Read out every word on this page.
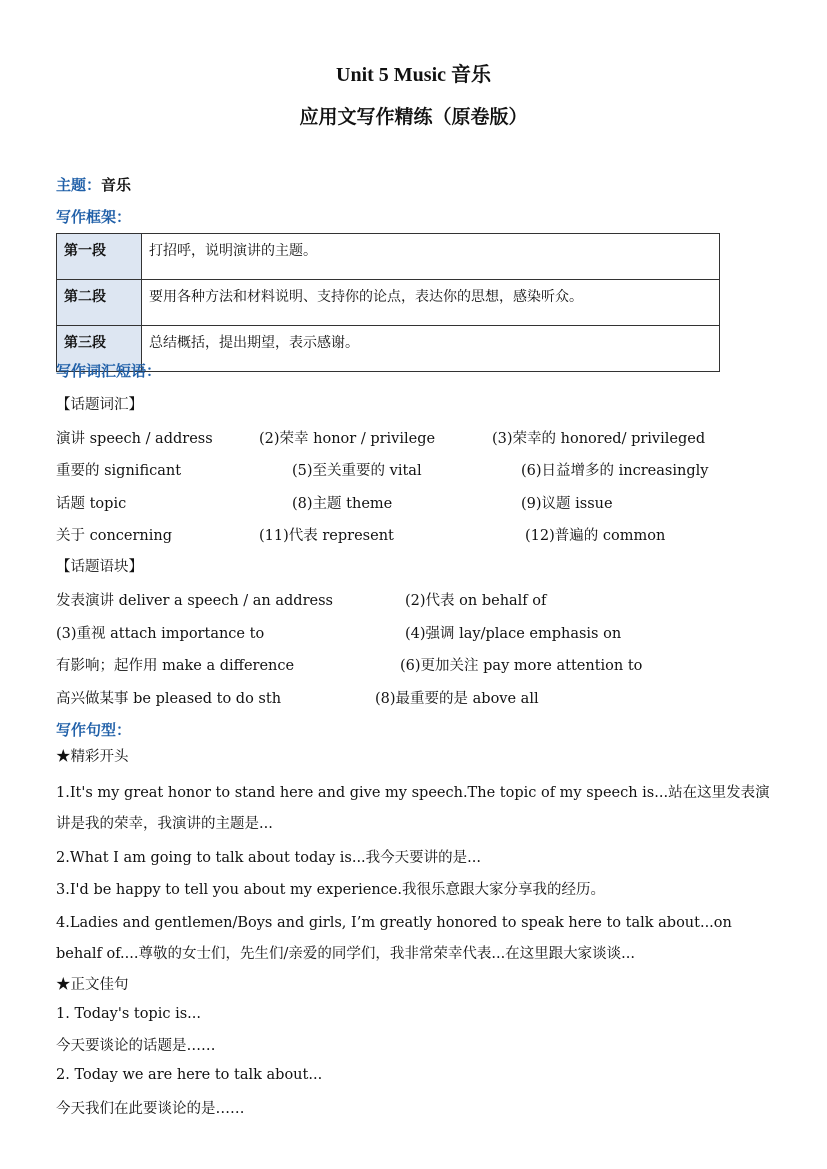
Unit 5 Music 音乐
应用文写作精练（原卷版）
主题：音乐
写作框架：
第一段	打招呼，说明演讲的主题。
第二段	要用各种方法和材料说明、支持你的论点，表达你的思想，感染听众。
第三段	总结概括，提出期望，表示感谢。
写作词汇短语：
【话题词汇】
演讲 speech / address	(2)荣幸 honor / privilege	(3)荣幸的 honored/ privileged
重要的 significant	(5)至关重要的 vital	(6)日益增多的 increasingly
话题 topic	(8)主题 theme	(9)议题 issue
关于 concerning	(11)代表 represent	(12)普遍的 common
【话题语块】
发表演讲 deliver a speech / an address	(2)代表 on behalf of
(3)重视 attach importance to	(4)强调 lay/place emphasis on
有影响；起作用 make a difference	(6)更加关注 pay more attention to
高兴做某事 be pleased to do sth	(8)最重要的是 above all
写作句型：
★精彩开头
1.It's my great honor to stand here and give my speech.The topic of my speech is...站在这里发表演讲是我的荣幸，我演讲的主题是...
2.What I am going to talk about today is...我今天要讲的是...
3.I'd be happy to tell you about my experience.我很乐意跟大家分享我的经历。
4.Ladies and gentlemen/Boys and girls, I’m greatly honored to speak here to talk about...on behalf of....尊敬的女士们，先生们/亲爱的同学们，我非常荣幸代表...在这里跟大家谈谈...
★正文佳句
1. Today's topic is...
今天要谈论的话题是……
2. Today we are here to talk about...
今天我们在此要谈论的是……
